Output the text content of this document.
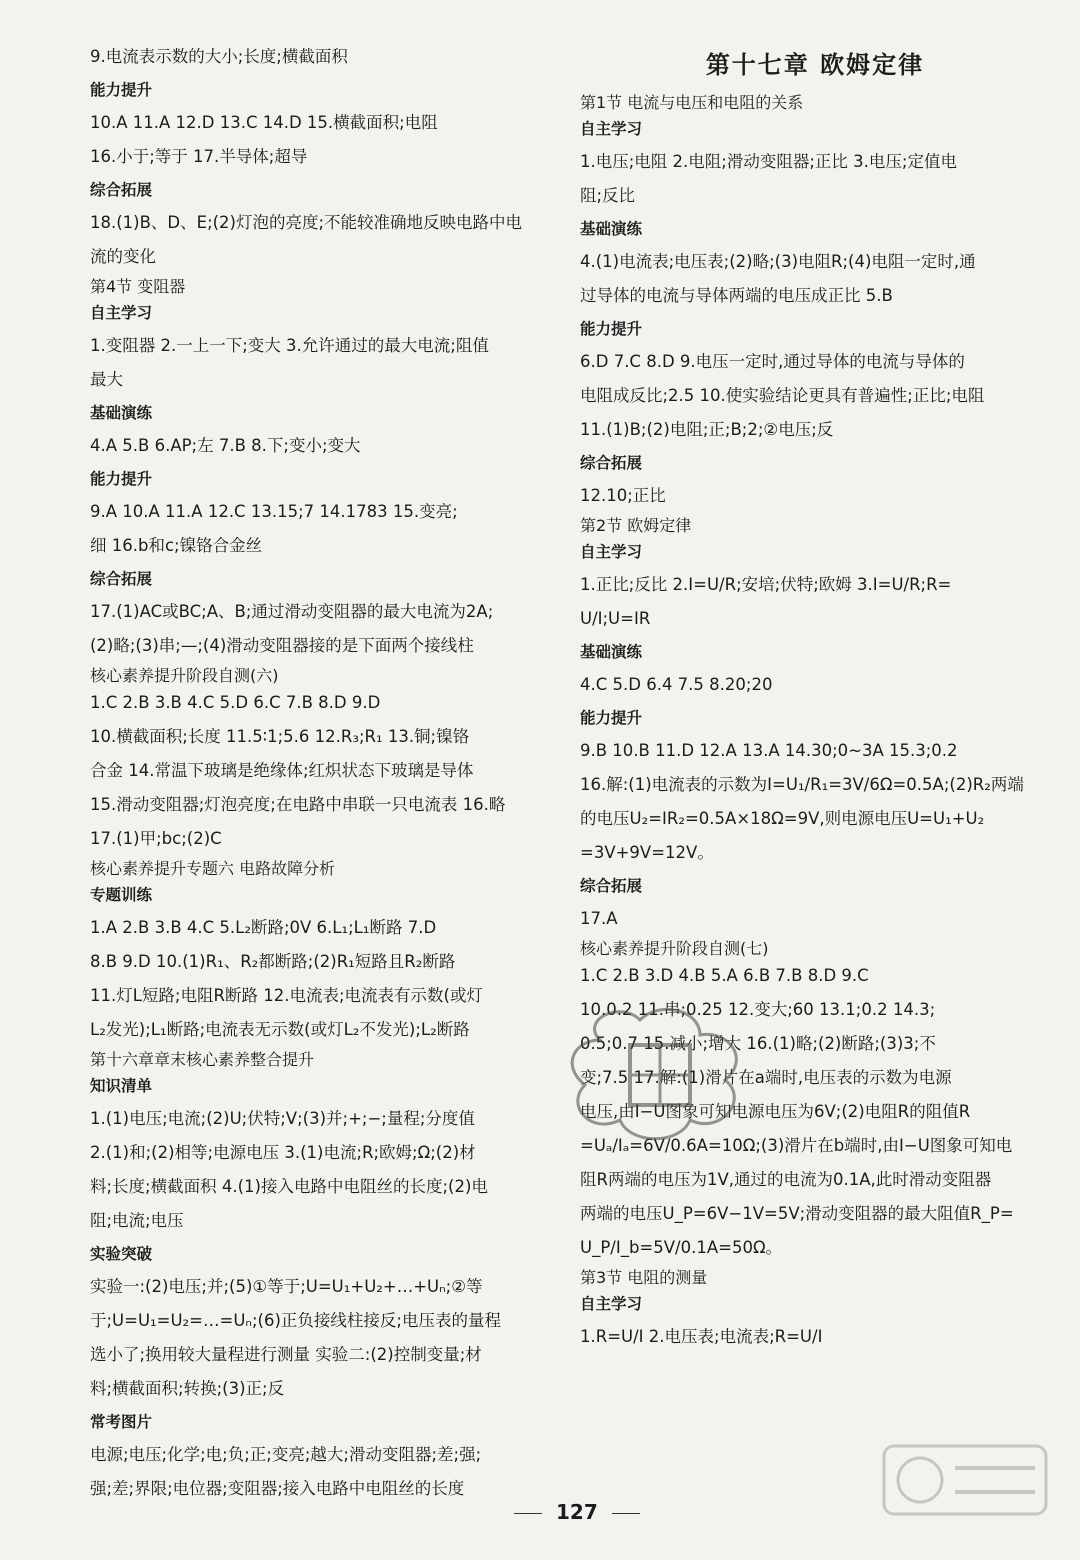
9.电流表示数的大小;长度;横截面积
能力提升
10.A 11.A 12.D 13.C 14.D 15.横截面积;电阻
16.小于;等于 17.半导体;超导
综合拓展
18.(1)B、D、E;(2)灯泡的亮度;不能较准确地反映电路中电
流的变化
第4节 变阻器
自主学习
1.变阻器 2.一上一下;变大 3.允许通过的最大电流;阻值
最大
基础演练
4.A 5.B 6.AP;左 7.B 8.下;变小;变大
能力提升
9.A 10.A 11.A 12.C 13.15;7 14.1783 15.变亮;
细 16.b和c;镍铬合金丝
综合拓展
17.(1)AC或BC;A、B;通过滑动变阻器的最大电流为2A;
(2)略;(3)串;—;(4)滑动变阻器接的是下面两个接线柱
核心素养提升阶段自测(六)
1.C 2.B 3.B 4.C 5.D 6.C 7.B 8.D 9.D
10.横截面积;长度 11.5∶1;5.6 12.R₃;R₁ 13.铜;镍铬
合金 14.常温下玻璃是绝缘体;红炽状态下玻璃是导体
15.滑动变阻器;灯泡亮度;在电路中串联一只电流表 16.略
17.(1)甲;bc;(2)C
核心素养提升专题六 电路故障分析
专题训练
1.A 2.B 3.B 4.C 5.L₂断路;0V 6.L₁;L₁断路 7.D
8.B 9.D 10.(1)R₁、R₂都断路;(2)R₁短路且R₂断路
11.灯L短路;电阻R断路 12.电流表;电流表有示数(或灯
L₂发光);L₁断路;电流表无示数(或灯L₂不发光);L₂断路
第十六章章末核心素养整合提升
知识清单
1.(1)电压;电流;(2)U;伏特;V;(3)并;+;−;量程;分度值
2.(1)和;(2)相等;电源电压 3.(1)电流;R;欧姆;Ω;(2)材
料;长度;横截面积 4.(1)接入电路中电阻丝的长度;(2)电
阻;电流;电压
实验突破
实验一:(2)电压;并;(5)①等于;U=U₁+U₂+…+Uₙ;②等
于;U=U₁=U₂=…=Uₙ;(6)正负接线柱接反;电压表的量程
选小了;换用较大量程进行测量 实验二:(2)控制变量;材
料;横截面积;转换;(3)正;反
常考图片
电源;电压;化学;电;负;正;变亮;越大;滑动变阻器;差;强;
强;差;界限;电位器;变阻器;接入电路中电阻丝的长度
第十七章 欧姆定律
第1节 电流与电压和电阻的关系
自主学习
1.电压;电阻 2.电阻;滑动变阻器;正比 3.电压;定值电
阻;反比
基础演练
4.(1)电流表;电压表;(2)略;(3)电阻R;(4)电阻一定时,通
过导体的电流与导体两端的电压成正比 5.B
能力提升
6.D 7.C 8.D 9.电压一定时,通过导体的电流与导体的
电阻成反比;2.5 10.使实验结论更具有普遍性;正比;电阻
11.(1)B;(2)电阻;正;B;2;②电压;反
综合拓展
12.10;正比
第2节 欧姆定律
自主学习
1.正比;反比 2.I=U/R;安培;伏特;欧姆 3.I=U/R;R=
U/I;U=IR
基础演练
4.C 5.D 6.4 7.5 8.20;20
能力提升
9.B 10.B 11.D 12.A 13.A 14.30;0~3A 15.3;0.2
16.解:(1)电流表的示数为I=U₁/R₁=3V/6Ω=0.5A;(2)R₂两端
的电压U₂=IR₂=0.5A×18Ω=9V,则电源电压U=U₁+U₂
=3V+9V=12V。
综合拓展
17.A
核心素养提升阶段自测(七)
1.C 2.B 3.D 4.B 5.A 6.B 7.B 8.D 9.C
10.0.2 11.串;0.25 12.变大;60 13.1;0.2 14.3;
0.5;0.7 15.减小;增大 16.(1)略;(2)断路;(3)3;不
变;7.5 17.解:(1)滑片在a端时,电压表的示数为电源
电压,由I−U图象可知电源电压为6V;(2)电阻R的阻值R
=Uₐ/Iₐ=6V/0.6A=10Ω;(3)滑片在b端时,由I−U图象可知电
阻R两端的电压为1V,通过的电流为0.1A,此时滑动变阻器
两端的电压U_P=6V−1V=5V;滑动变阻器的最大阻值R_P=
U_P/I_b=5V/0.1A=50Ω。
第3节 电阻的测量
自主学习
1.R=U/I 2.电压表;电流表;R=U/I
127
